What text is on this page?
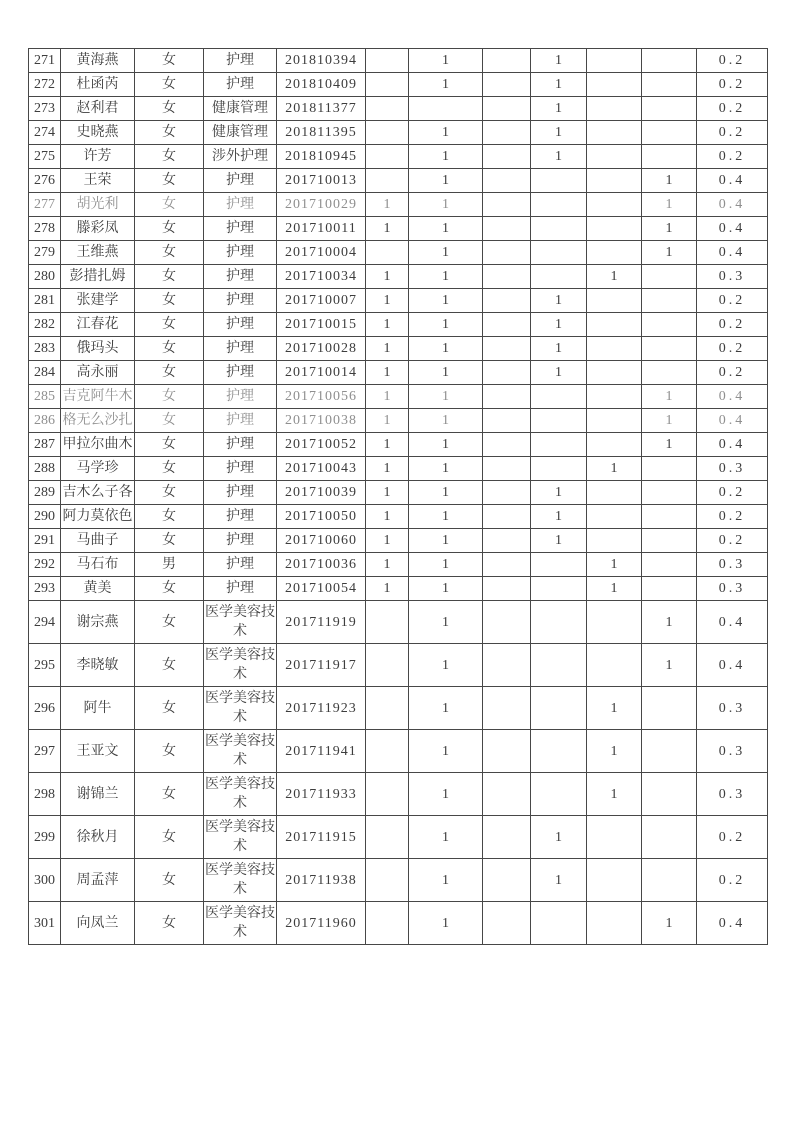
271	黄海燕	女	护理	201810394		1		1			0.2
272	杜函芮	女	护理	201810409		1		1			0.2
273	赵利君	女	健康管理	201811377				1			0.2
274	史晓燕	女	健康管理	201811395		1		1			0.2
275	许芳	女	涉外护理	201810945		1		1			0.2
276	王荣	女	护理	201710013		1				1	0.4
277	胡光利	女	护理	201710029	1	1				1	0.4
278	滕彩凤	女	护理	201710011	1	1				1	0.4
279	王维燕	女	护理	201710004		1				1	0.4
280	彭措扎姆	女	护理	201710034	1	1			1		0.3
281	张建学	女	护理	201710007	1	1		1			0.2
282	江春花	女	护理	201710015	1	1		1			0.2
283	俄玛头	女	护理	201710028	1	1		1			0.2
284	高永丽	女	护理	201710014	1	1		1			0.2
285	吉克阿牛木	女	护理	201710056	1	1				1	0.4
286	格无么沙扎	女	护理	201710038	1	1				1	0.4
287	甲拉尔曲木	女	护理	201710052	1	1				1	0.4
288	马学珍	女	护理	201710043	1	1			1		0.3
289	吉木么子各	女	护理	201710039	1	1		1			0.2
290	阿力莫依色	女	护理	201710050	1	1		1			0.2
291	马曲子	女	护理	201710060	1	1		1			0.2
292	马石布	男	护理	201710036	1	1			1		0.3
293	黄美	女	护理	201710054	1	1			1		0.3
294	谢宗燕	女	医学美容技术	201711919		1				1	0.4
295	李晓敏	女	医学美容技术	201711917		1				1	0.4
296	阿牛	女	医学美容技术	201711923		1			1		0.3
297	王亚文	女	医学美容技术	201711941		1			1		0.3
298	谢锦兰	女	医学美容技术	201711933		1			1		0.3
299	徐秋月	女	医学美容技术	201711915		1		1			0.2
300	周孟萍	女	医学美容技术	201711938		1		1			0.2
301	向凤兰	女	医学美容技术	201711960		1				1	0.4
